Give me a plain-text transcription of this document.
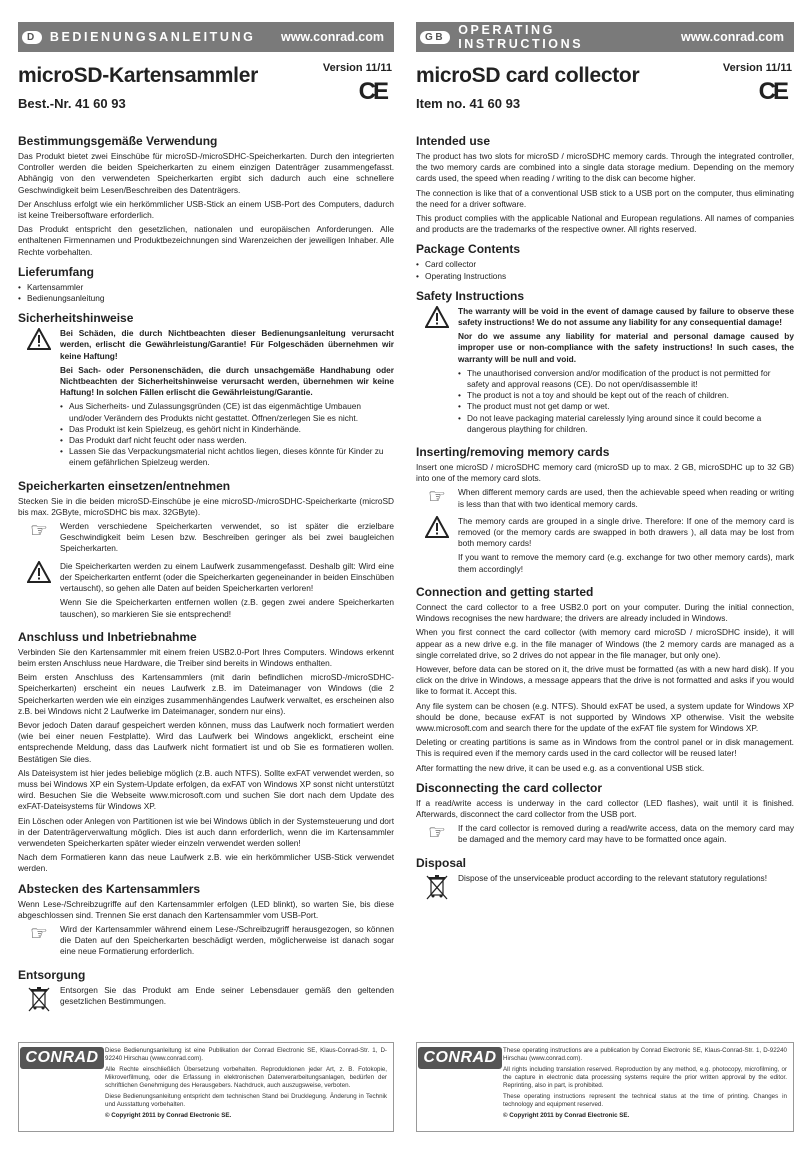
D	BEDIENUNGSANLEITUNG www.conrad.com	GB	OPERATING INSTRUCTIONS	www.conrad.com
microSD-Kartensammler
Best.-Nr. 41 60 93
Version 11/11
CE
microSD card collector
Item no. 41 60 93
Version 11/11
CE
Bestimmungsgemäße Verwendung

Das Produkt bietet zwei Einschübe für microSD-/microSDHC-Speicherkarten. Durch den integrierten Controller werden die beiden Speicherkarten zu einem einzigen Datenträger zusammengefasst. Abhängig von den verwendeten Speicherkarten ergibt sich dadurch auch eine schnellere Geschwindigkeit beim Lesen/Beschreiben des Datenträgers.

Der Anschluss erfolgt wie ein herkömmlicher USB-Stick an einem USB-Port des Computers, dadurch ist keine Treibersoftware erforderlich.

Das Produkt entspricht den gesetzlichen, nationalen und europäischen Anforderungen. Alle enthaltenen Firmennamen und Produktbezeichnungen sind Warenzeichen der jeweiligen Inhaber. Alle Rechte vorbehalten.

Lieferumfang
• Kartensammler
• Bedienungsanleitung
Sicherheitshinweise

Bei Schäden, die durch Nichtbeachten dieser Bedienungsanleitung verursacht werden, erlischt die Gewährleistung/Garantie! Für Folgeschäden übernehmen wir keine Haftung!

Bei Sach- oder Personenschäden, die durch unsachgemäße Handhabung oder Nichtbeachten der Sicherheitshinweise verursacht werden, übernehmen wir keine Haftung! In solchen Fällen erlischt die Gewährleistung/Garantie.

• Aus Sicherheits- und Zulassungsgründen (CE) ist das eigenmächtige Umbauen und/oder Verändern des Produkts nicht gestattet. Öffnen/zerlegen Sie es nicht.
• Das Produkt ist kein Spielzeug, es gehört nicht in Kinderhände.
• Das Produkt darf nicht feucht oder nass werden.
• Lassen Sie das Verpackungsmaterial nicht achtlos liegen, dieses könnte für Kinder zu einem gefährlichen Spielzeug werden.
Speicherkarten einsetzen/entnehmen

Stecken Sie in die beiden microSD-Einschübe je eine microSD-/microSDHC-Speicherkarte (microSD bis max. 2GByte, microSDHC bis max. 32GByte).

☞ Werden verschiedene Speicherkarten verwendet, so ist später die erzielbare Geschwindigkeit beim Lesen bzw. Beschreiben geringer als bei zwei baugleichen Speicherkarten.

Die Speicherkarten werden zu einem Laufwerk zusammengefasst. Deshalb gilt: Wird eine der Speicherkarten entfernt (oder die Speicherkarten gegeneinander in beiden Einschüben vertauscht), so gehen alle Daten auf beiden Speicherkarten verloren!

Wenn Sie die Speicherkarten entfernen wollen (z.B. gegen zwei andere Speicherkarten tauschen), so markieren Sie sie entsprechend!

Anschluss und Inbetriebnahme

Verbinden Sie den Kartensammler mit einem freien USB2.0-Port Ihres Computers. Windows erkennt beim ersten Anschluss neue Hardware, die Treiber sind bereits in Windows enthalten.

Beim ersten Anschluss des Kartensammlers (mit darin befindlichen microSD-/microSDHC-Speicherkarten) erscheint ein neues Laufwerk z.B. im Dateimanager von Windows (die 2 Speicherkarten werden wie ein einziges zusammenhängendes Laufwerk verwaltet, es erscheinen also z.B. bei Windows nicht 2 Laufwerke im Dateimanager, sondern nur eins).

Bevor jedoch Daten darauf gespeichert werden können, muss das Laufwerk noch formatiert werden (wie bei einer neuen Festplatte). Wird das Laufwerk bei Windows angeklickt, erscheint eine entsprechende Meldung, dass das Laufwerk nicht formatiert ist und ob Sie es formatieren wollen. Bestätigen Sie dies.

Als Dateisystem ist hier jedes beliebige möglich (z.B. auch NTFS). Sollte exFAT verwendet werden, so muss bei Windows XP ein System-Update erfolgen, da exFAT von Windows XP sonst nicht unterstützt wird. Besuchen Sie die Webseite www.microsoft.com und suchen Sie dort nach dem Update des exFAT-Dateisystems für Windows XP.

Ein Löschen oder Anlegen von Partitionen ist wie bei Windows üblich in der Systemsteuerung und dort in der Datenträgerverwaltung möglich. Dies ist auch dann erforderlich, wenn die im Kartensammler verwendeten Speicherkarten später wieder einzeln verwendet werden sollen!

Nach dem Formatieren kann das neue Laufwerk z.B. wie ein herkömmlicher USB-Stick verwendet werden.

Abstecken des Kartensammlers

Wenn Lese-/Schreibzugriffe auf den Kartensammler erfolgen (LED blinkt), so warten Sie, bis diese abgeschlossen sind. Trennen Sie erst danach den Kartensammler vom USB-Port.

☞ Wird der Kartensammler während einem Lese-/Schreibzugriff herausgezogen, so können die Daten auf den Speicherkarten beschädigt werden, möglicherweise ist danach sogar eine neue Formatierung erforderlich.

Entsorgung

Entsorgen Sie das Produkt am Ende seiner Lebensdauer gemäß den geltenden gesetzlichen Bestimmungen.

Intended use

The product has two slots for microSD / microSDHC memory cards. Through the integrated controller, the two memory cards are combined into a single data storage medium. Depending on the memory cards used, the speed when reading / writing to the disk can become higher.

The connection is like that of a conventional USB stick to a USB port on the computer, thus eliminating the need for a driver software.

This product complies with the applicable National and European regulations. All names of companies and products are the trademarks of the respective owner. All rights reserved.

Package Contents
• Card collector
• Operating Instructions
Safety Instructions

The warranty will be void in the event of damage caused by failure to observe these safety instructions! We do not assume any liability for any consequential damage!

Nor do we assume any liability for material and personal damage caused by improper use or non-compliance with the safety instructions! In such cases, the warranty will be null and void.

• The unauthorised conversion and/or modification of the product is not permitted for safety and approval reasons (CE). Do not open/disassemble it!
• The product is not a toy and should be kept out of the reach of children.
• The product must not get damp or wet.
• Do not leave packaging material carelessly lying around since it could become a dangerous plaything for children.
Inserting/removing memory cards

Insert one microSD / microSDHC memory card (microSD up to max. 2 GB, microSDHC up to 32 GB) into one of the memory card slots.

☞ When different memory cards are used, then the achievable speed when reading or writing is less than that with two identical memory cards.

The memory cards are grouped in a single drive. Therefore: If one of the memory card is removed (or the memory cards are swapped in both drawers ), all data may be lost from both memory cards!

If you want to remove the memory card (e.g. exchange for two other memory cards), mark them accordingly!

Connection and getting started

Connect the card collector to a free USB2.0 port on your computer. During the initial connection, Windows recognises the new hardware; the drivers are already included in Windows.

When you first connect the card collector (with memory card microSD / microSDHC inside), it will appear as a new drive e.g. in the file manager of Windows (the 2 memory cards are managed as a single correlated drive, so 2 drives do not appear in the file manager, but only one).

However, before data can be stored on it, the drive must be formatted (as with a new hard disk). If you click on the drive in Windows, a message appears that the drive is not formatted and asks if you would like to format it. Accept this.

Any file system can be chosen (e.g. NTFS). Should exFAT be used, a system update for Windows XP should be done, because exFAT is not supported by Windows XP otherwise. Visit the website www.microsoft.com and search there for the update of the exFAT file system for Windows XP.

Deleting or creating partitions is same as in Windows from the control panel or in disk management. This is required even if the memory cards used in the card collector will be reused later!

After formatting the new drive, it can be used e.g. as a conventional USB stick.

Disconnecting the card collector

If a read/write access is underway in the card collector (LED flashes), wait until it is finished. Afterwards, disconnect the card collector from the USB port.

☞ If the card collector is removed during a read/write access, data on the memory card may be damaged and the memory card may have to be formatted once again.

Disposal

Dispose of the unserviceable product according to the relevant statutory regulations!

CONRAD	Diese Bedienungsanleitung ist eine Publikation der Conrad Electronic SE, Klaus-Conrad-Str. 1, D-92240 Hirschau (www.conrad.com).

Alle Rechte einschließlich Übersetzung vorbehalten. Reproduktionen jeder Art, z. B. Fotokopie, Mikroverfilmung, oder die Erfassung in elektronischen Datenverarbeitungsanlagen, bedürfen der schriftlichen Genehmigung des Herausgebers. Nachdruck, auch auszugsweise, verboten.

Diese Bedienungsanleitung entspricht dem technischen Stand bei Drucklegung. Änderung in Technik und Ausstattung vorbehalten.

© Copyright 2011 by Conrad Electronic SE.

CONRAD	These operating instructions are a publication by Conrad Electronic SE, Klaus-Conrad-Str. 1, D-92240 Hirschau (www.conrad.com).

All rights including translation reserved. Reproduction by any method, e.g. photocopy, microfilming, or the capture in electronic data processing systems require the prior written approval by the editor. Reprinting, also in part, is prohibited.

These operating instructions represent the technical status at the time of printing. Changes in technology and equipment reserved.

© Copyright 2011 by Conrad Electronic SE.
